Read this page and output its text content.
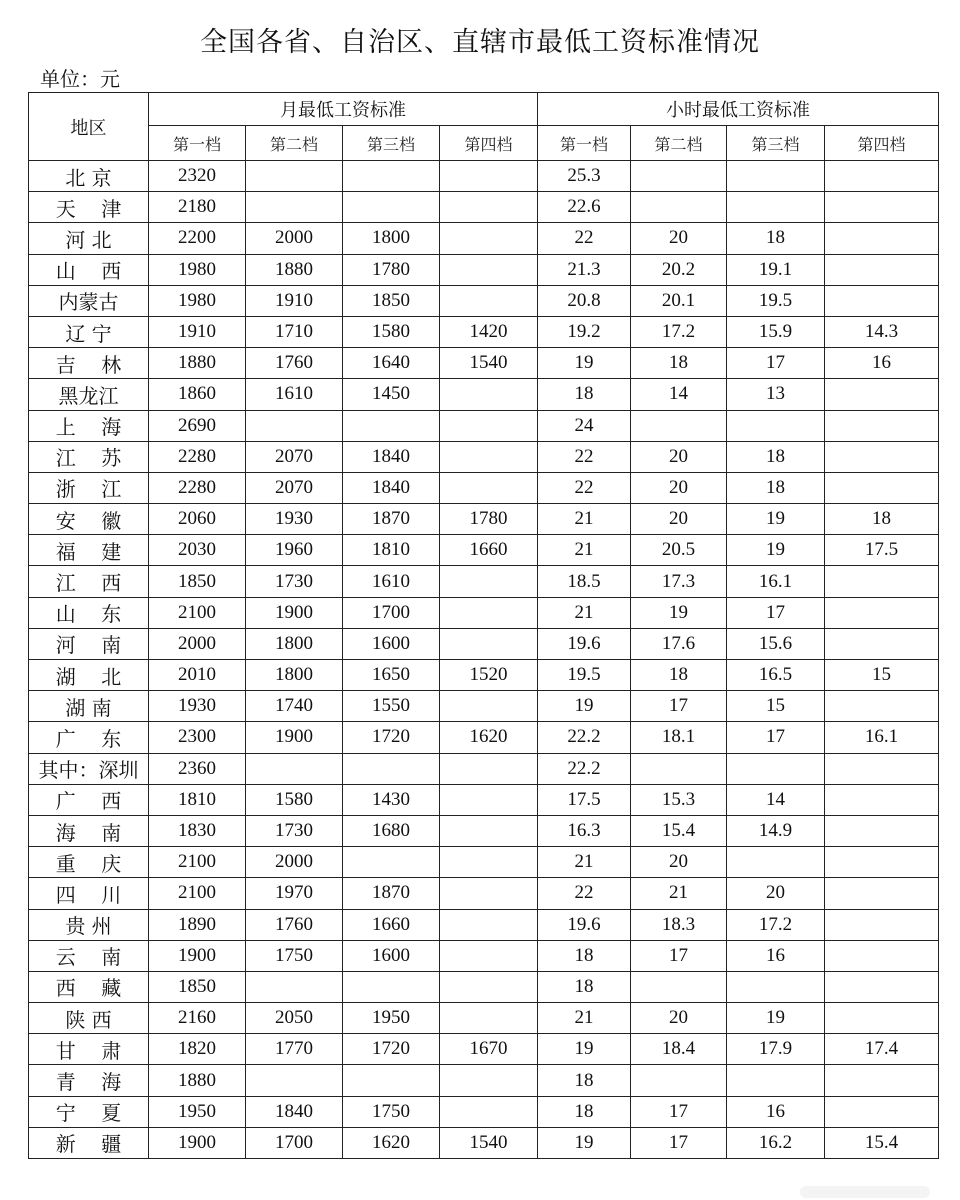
全国各省、自治区、直辖市最低工资标准情况
单位：元
地区	月最低工资标准				小时最低工资标准			
	第一档	第二档	第三档	第四档	第一档	第二档	第三档	第四档
北 京	2320				25.3			
天    津	2180				22.6			
河 北	2200	2000	1800		22	20	18	
山    西	1980	1880	1780		21.3	20.2	19.1	
内蒙古	1980	1910	1850		20.8	20.1	19.5	
辽 宁	1910	1710	1580	1420	19.2	17.2	15.9	14.3
吉    林	1880	1760	1640	1540	19	18	17	16
黑龙江	1860	1610	1450		18	14	13	
上    海	2690				24			
江    苏	2280	2070	1840		22	20	18	
浙    江	2280	2070	1840		22	20	18	
安    徽	2060	1930	1870	1780	21	20	19	18
福    建	2030	1960	1810	1660	21	20.5	19	17.5
江    西	1850	1730	1610		18.5	17.3	16.1	
山    东	2100	1900	1700		21	19	17	
河    南	2000	1800	1600		19.6	17.6	15.6	
湖    北	2010	1800	1650	1520	19.5	18	16.5	15
湖 南	1930	1740	1550		19	17	15	
广    东	2300	1900	1720	1620	22.2	18.1	17	16.1
其中：深圳	2360				22.2			
广    西	1810	1580	1430		17.5	15.3	14	
海    南	1830	1730	1680		16.3	15.4	14.9	
重    庆	2100	2000			21	20		
四    川	2100	1970	1870		22	21	20	
贵 州	1890	1760	1660		19.6	18.3	17.2	
云    南	1900	1750	1600		18	17	16	
西    藏	1850				18			
陕 西	2160	2050	1950		21	20	19	
甘    肃	1820	1770	1720	1670	19	18.4	17.9	17.4
青    海	1880				18			
宁    夏	1950	1840	1750		18	17	16	
新    疆	1900	1700	1620	1540	19	17	16.2	15.4
